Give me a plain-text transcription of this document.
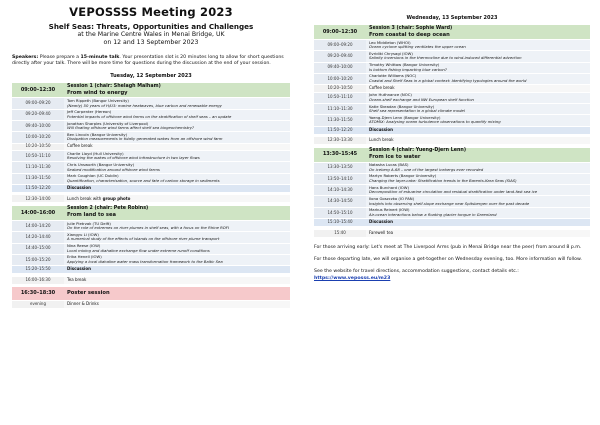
VEPOSSSS Meeting 2023
Shelf Seas: Threats, Opportunities and Challenges
at the Marine Centre Wales in Menai Bridge, UK
on 12 and 13 September 2023
Speakers: Please prepare a 15-minute talk. Your presentation slot is 20 minutes long to allow for short questions directly after your talk. There will be more time for questions during the discussion at the end of your session.
Tuesday, 12 September 2023
09:00–12:30	Session 1 (chair: Shelagh Malham)
From wind to energy

09:00–09:20	Tom Rippeth (Bangor University)
(Nearly) 50 years of H/U3: marine heatwaves, blue carbon and renewable energy

09:20–09:40	Jeff Carpenter (Hereon)
Potential impacts of offshore wind farms on the stratification of shelf seas – an update

09:40–10:00	Jonathan Sharples (University of Liverpool)
Will floating offshore wind farms affect shelf sea biogeochemistry?

10:00–10:20	Ben Lincoln (Bangor University)
Dissipation measurements in tidally generated wakes from an offshore wind farm

10:20–10:50	Coffee break
10:50–11:10	Charlie Lloyd (Hull University)
Resolving the wakes of offshore wind infrastructure in two layer flows

11:10–11:30	Chris Unsworth (Bangor University)
Seabed modification around offshore wind farms

11:30–11:50	Mark Coughlan (UC Dublin)
Quantification, characterisation, source and fate of carbon storage in sediments

11:50–12:20	Discussion

12:30–14:00	Lunch break with group photo

14:00–16:00	Session 2 (chair: Pete Robins)
From land to sea

14:00–14:20	Julie Pietrzak (TU Delft)
On the role of extremes on river plumes in shelf seas, with a focus on the Rhine ROFI

14:20–14:40	Xiangyu Li (IOW)
A numerical study of the effects of islands on the offshore river plume transport

14:40–15:00	Nina Reese (IOW)
Local mixing and diahaline exchange flow under extreme runoff conditions

15:00–15:20	Erika Henell (IOW)
Applying a local diahaline water mass transformation framework to the Baltic Sea

15:20–15:50	Discussion

16:00–16:30	Tea break

16:30–18:30	Poster session

evening	Dinner & Drinks
Wednesday, 13 September 2023
09:00–12:30	Session 3 (chair: Sophie Ward)
From coastal to deep ocean

09:00–09:20	Leo Middleton (WHOI)
Ocean cyclone splitting ventilates the upper ocean

09:20–09:40	Evridiki Chrysagi (IOW)
Salinity inversions in the thermocline due to wind-induced differential advection

09:40–10:00	Timothy Whittow (Bangor University)
Is bottom fishing impacting blue carbon?

10:00–10:20	Charlotte Williams (NOC)
Coastal and Shelf Seas in a global context: Identifying typologies around the world

10:20–10:50	Coffee break
10:50–11:10	John Huthnance (NOC)
Ocean-shelf exchange and NW European shelf function

11:10–11:30	Katie Skeadan (Bangor University)
Shelf sea representation in a global climate model

11:30–11:50	Yoeng-Djern Lenn (Bangor University)
ATOMIX: Analysing ocean turbulence observations to quantify mixing

11:50–12:20	Discussion

12:30–13:30	Lunch break

13:30–15:45	Session 4 (chair: Yueng-Djern Lenn)
From ice to water

13:30–13:50	Natasha Lucas (BAS)
On iceberg A-68 – one of the largest icebergs ever recorded

13:50–14:10	Martyn Roberts (Bangor University)
Changing the layer-cake: Stratification trends in the Barents-Kara Seas (SIAS)

14:10–14:30	Hans Burchard (IOW)
Decomposition of estuarine circulation and residual stratification under land-fast sea ice

14:30–14:50	Ilona Goszczko (IO PAN)
Insights into observing shelf-slope exchange near Spitsbergen over the past decade

14:50–15:10	Markus Reinert (IOW)
Air-ocean interactions below a floating glacier tongue in Greenland

15:10–15:40	Discussion

15:40	Farewell tea

For those arriving early: Let's meet at The Liverpool Arms (pub in Menai Bridge near the peer) from around 8 p.m.

For those departing late, we will organise a get-together on Wednesday evening, too. More information will follow.

See the website for travel directions, accommodation suggestions, contact details etc.:
https://www.veposss.eu/m23
